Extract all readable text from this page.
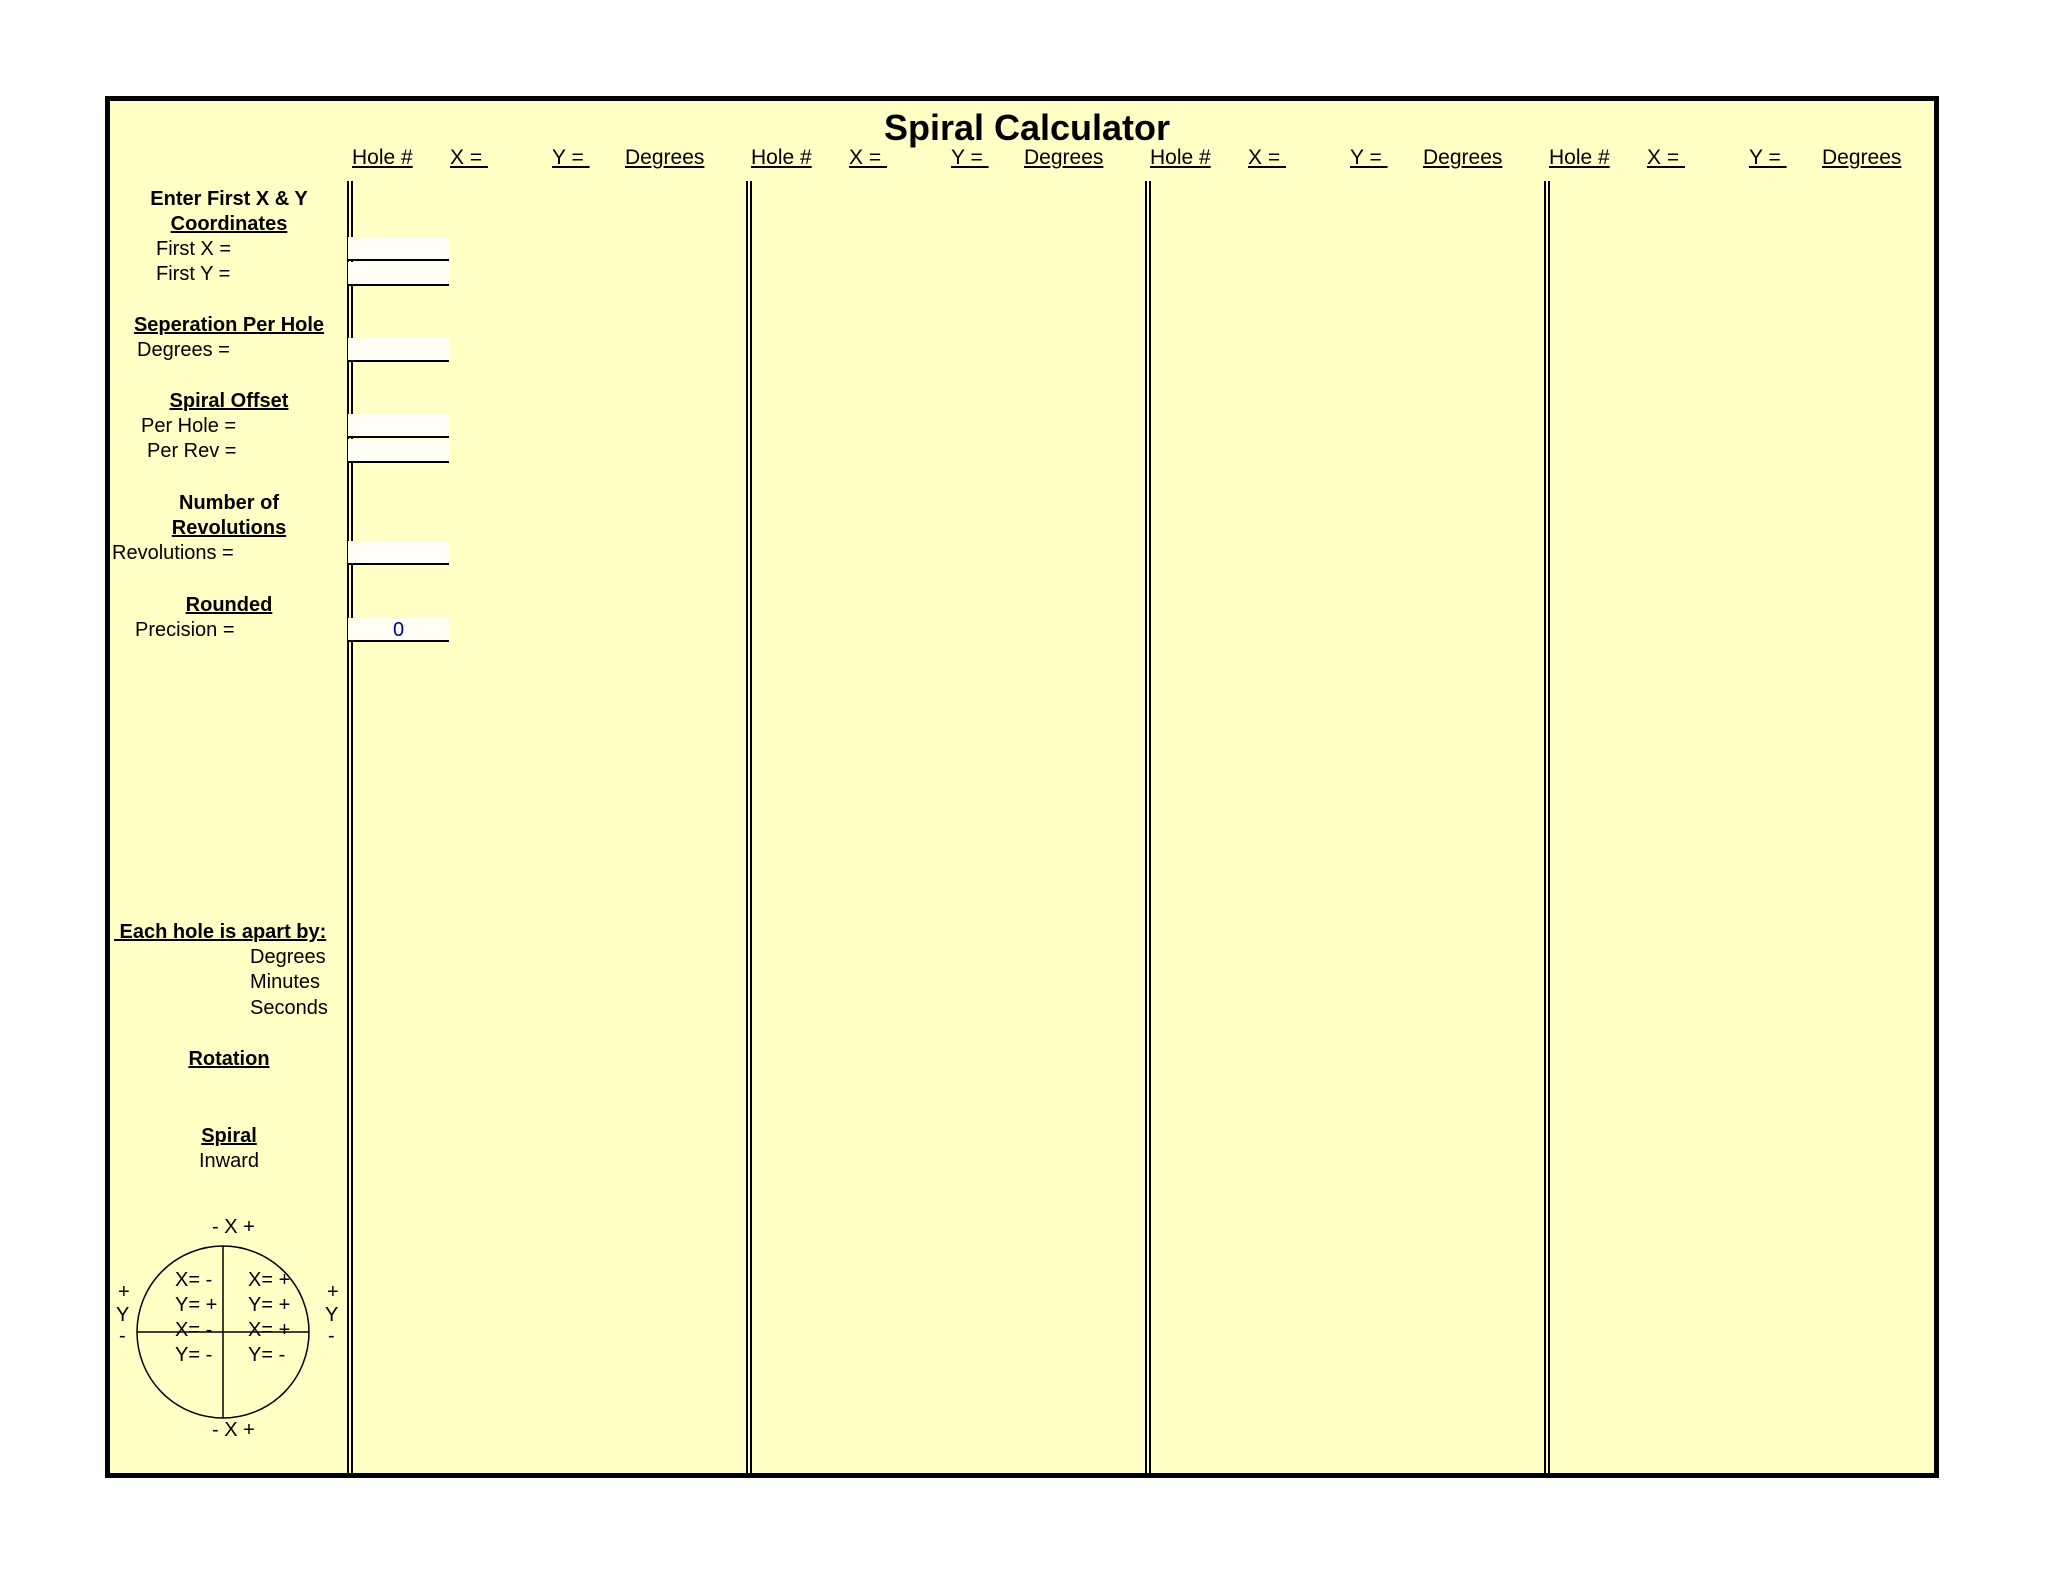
Spiral Calculator
Hole # X =	Y = Degrees Hole # X =	Y = Degrees Hole # X =	Y = Degrees Hole # X =	Y = Degrees
Enter First X & Y
Coordinates
First X =
First Y =
Seperation Per Hole
Degrees =
Spiral Offset
Per Hole =
Per Rev =
Number of
Revolutions
Revolutions =
Rounded
Precision =	0
Each hole is apart by:
Degrees
Minutes
Seconds
Rotation
Spiral
Inward
- X +
X= -
Y= +
X= +
Y= +
X= -
Y= -
X= +
Y= -
+
Y
-
+
Y
-
- X +
